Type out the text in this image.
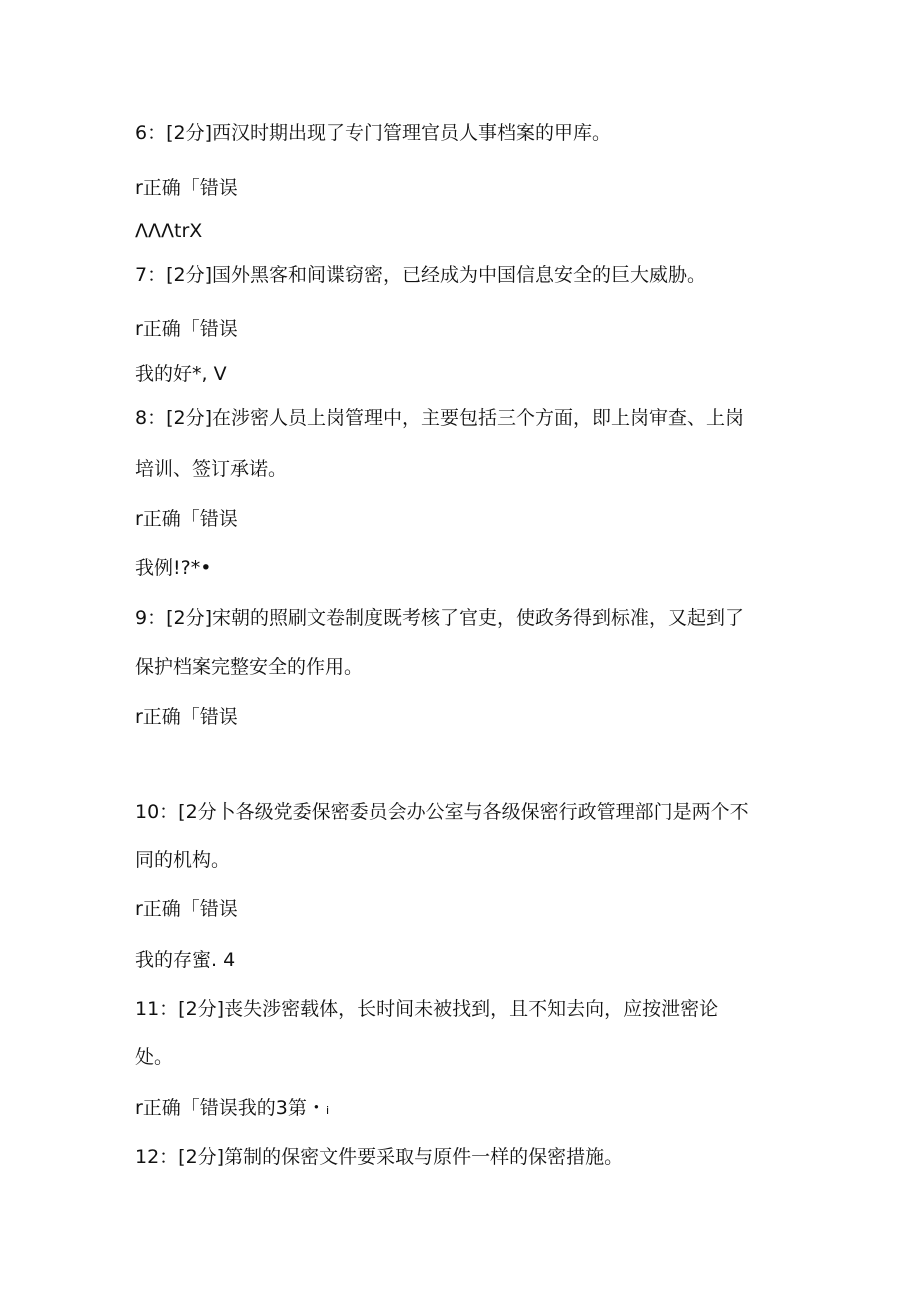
6：[2分]西汉时期出现了专门管理官员人事档案的甲库。
r正确「错误
ΛΛΛtrX
7：[2分]国外黑客和间谍窃密，已经成为中国信息安全的巨大威胁。
r正确「错误
我的好*, V
8：[2分]在涉密人员上岗管理中，主要包括三个方面，即上岗审查、上岗
培训、签订承诺。
r正确「错误
我例!?*•
9：[2分]宋朝的照刷文卷制度既考核了官吏，使政务得到标准，又起到了
保护档案完整安全的作用。
r正确「错误
10：[2分卜各级党委保密委员会办公室与各级保密行政管理部门是两个不
同的机构。
r正确「错误
我的存蜜. 4
11：[2分]丧失涉密载体，长时间未被找到，且不知去向，应按泄密论
处。
r正确「错误我的3第・ᵢ
12：[2分]第制的保密文件要采取与原件一样的保密措施。
